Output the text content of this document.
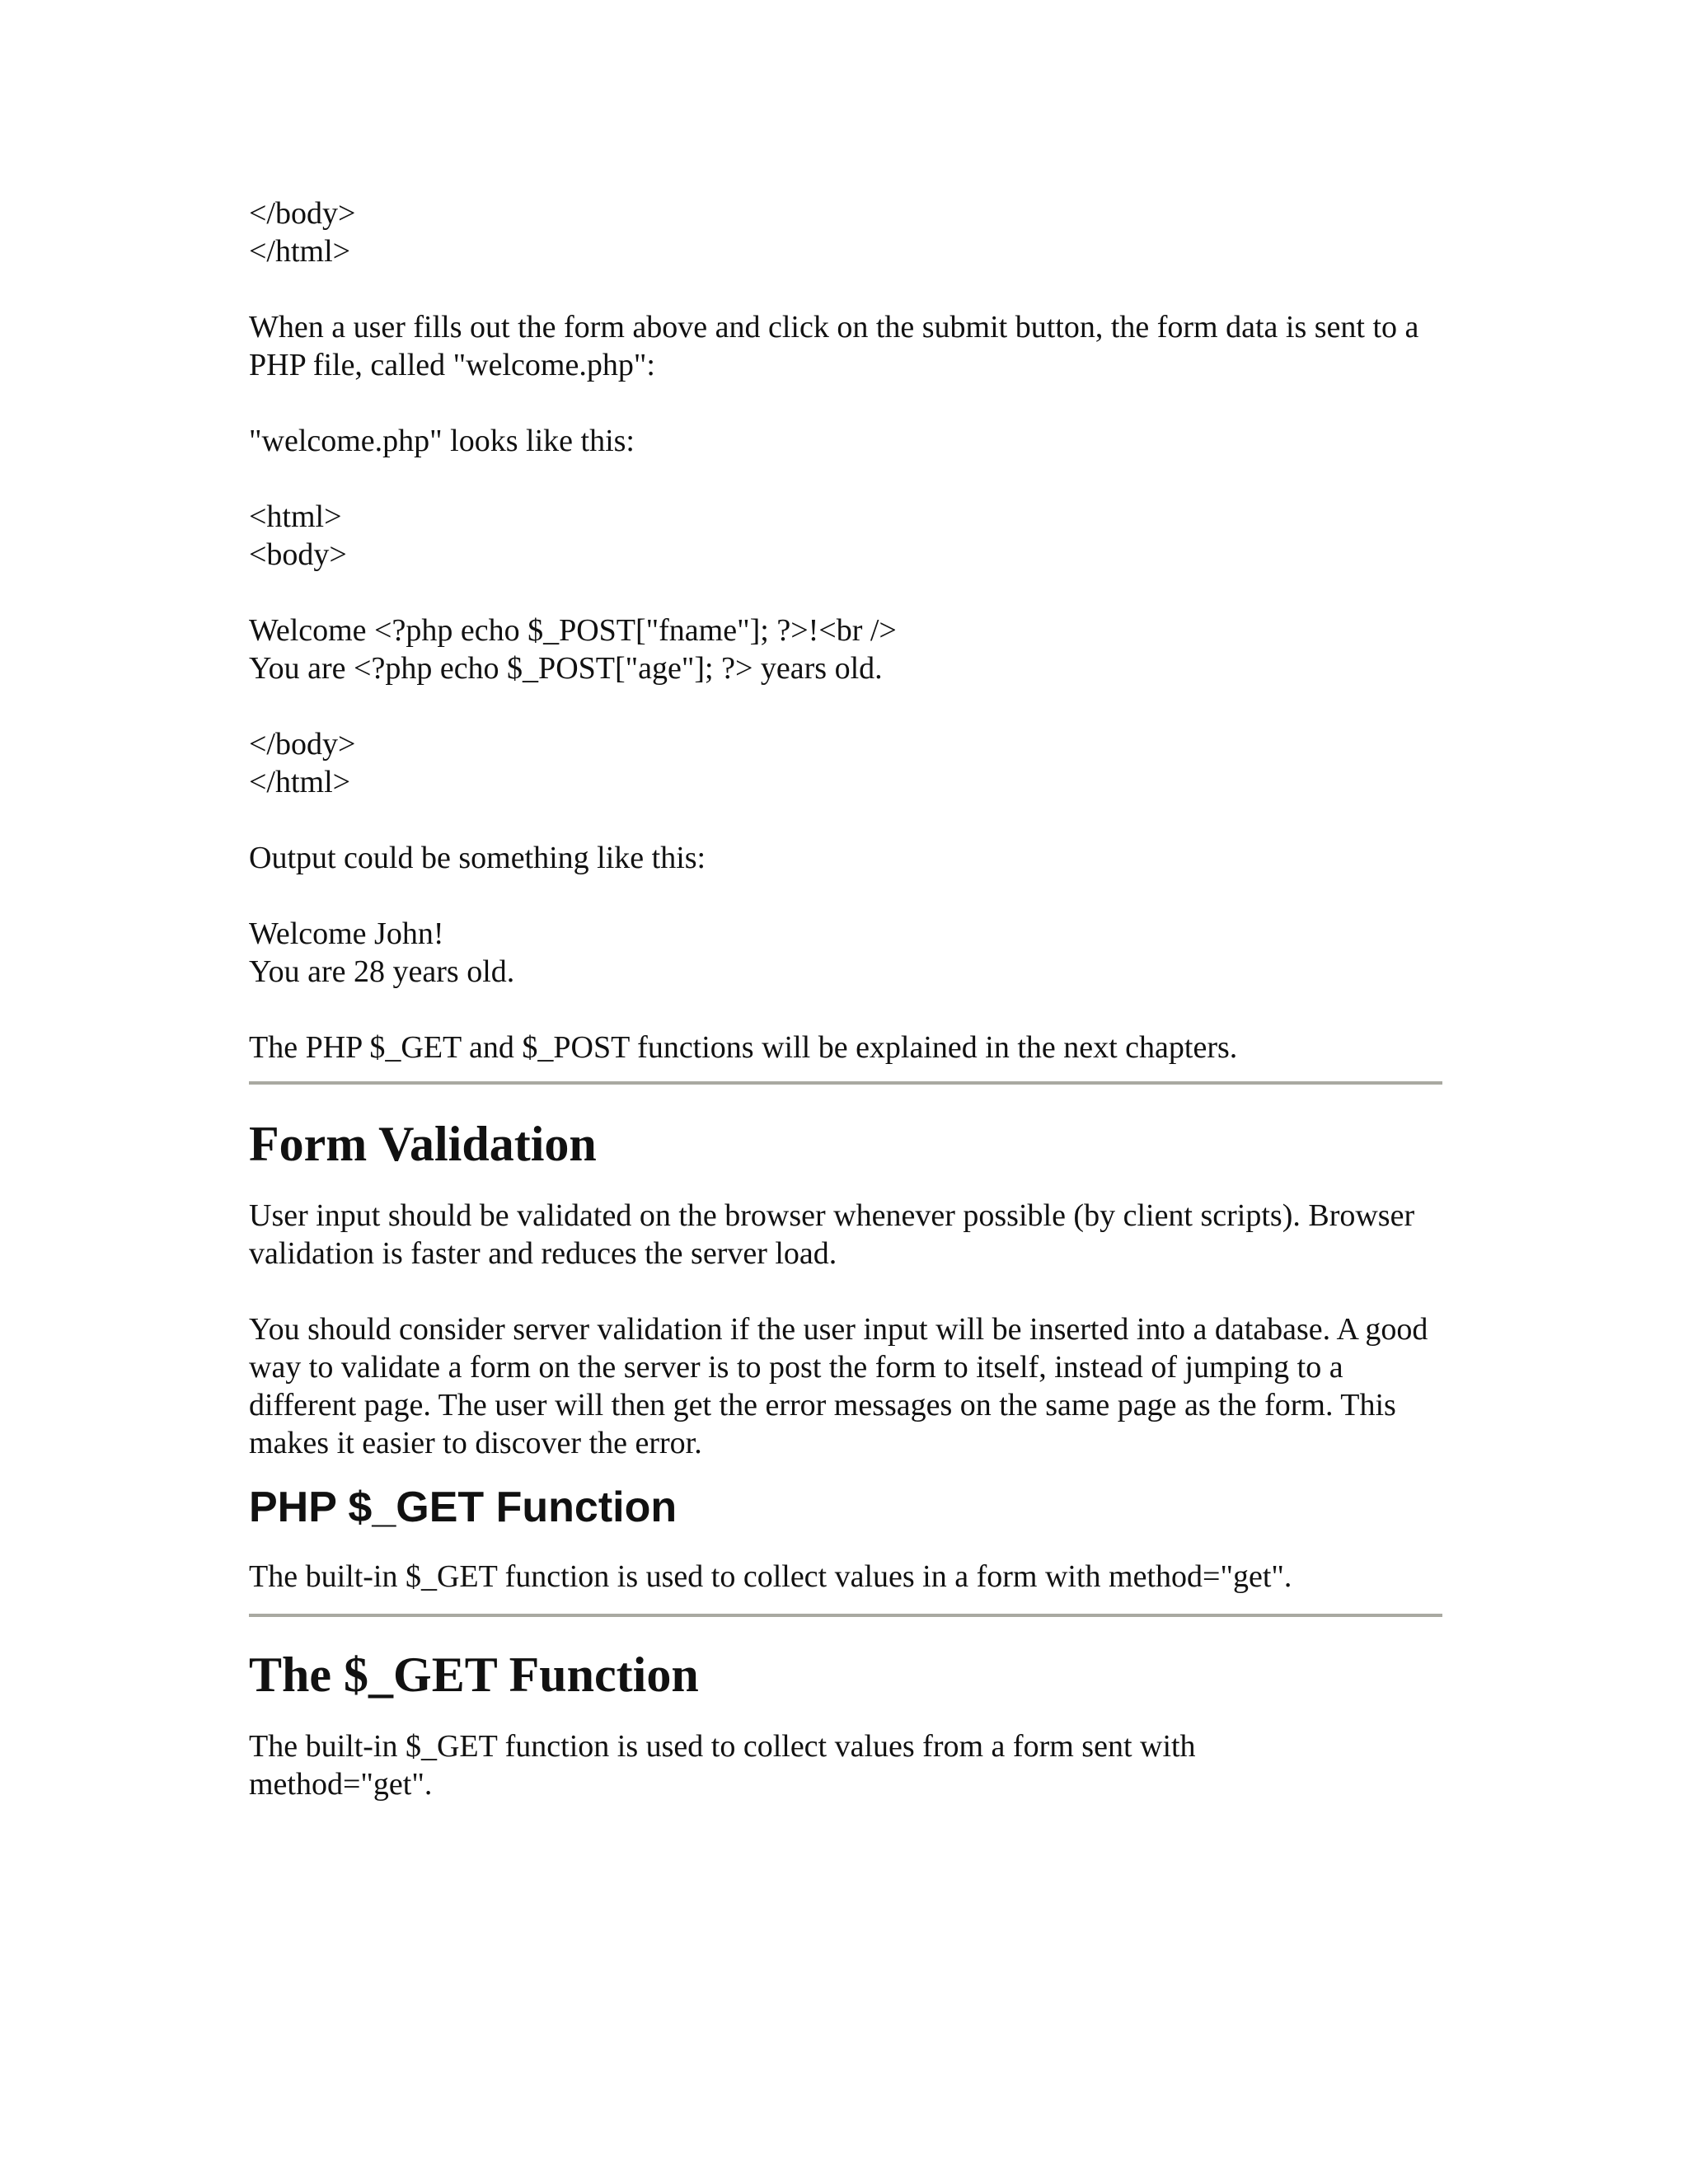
</body>
</html>
When a user fills out the form above and click on the submit button, the form data is sent to a PHP file, called "welcome.php":
"welcome.php" looks like this:
<html>
<body>
Welcome <?php echo $_POST["fname"]; ?>!<br />
You are <?php echo $_POST["age"]; ?> years old.
</body>
</html>
Output could be something like this:
Welcome John!
You are 28 years old.
The PHP $_GET and $_POST functions will be explained in the next chapters.
Form Validation
User input should be validated on the browser whenever possible (by client scripts). Browser validation is faster and reduces the server load.
You should consider server validation if the user input will be inserted into a database. A good way to validate a form on the server is to post the form to itself, instead of jumping to a different page. The user will then get the error messages on the same page as the form. This makes it easier to discover the error.
PHP $_GET Function
The built-in $_GET function is used to collect values in a form with method="get".
The $_GET Function
The built-in $_GET function is used to collect values from a form sent with method="get".
